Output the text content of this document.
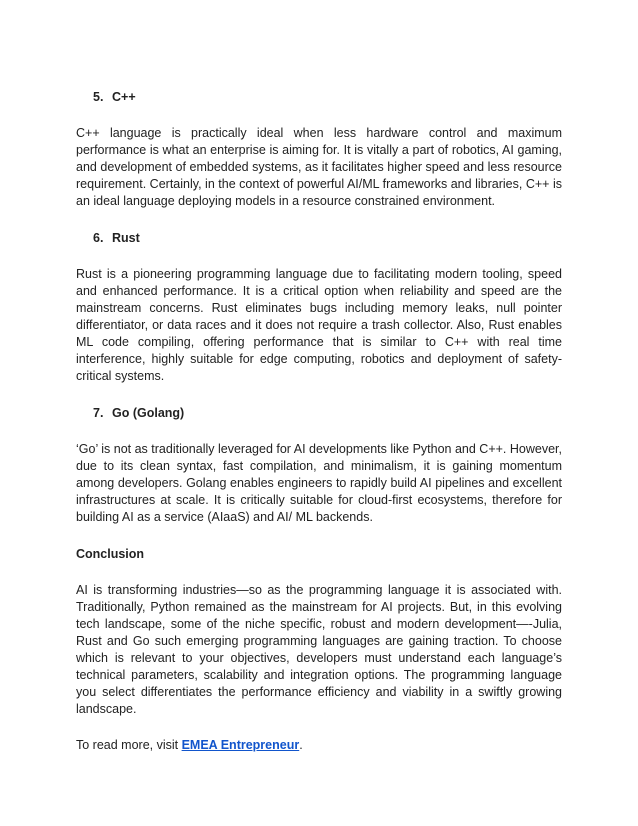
5. C++

C++ language is practically ideal when less hardware control and maximum performance is what an enterprise is aiming for. It is vitally a part of robotics, AI gaming, and development of embedded systems, as it facilitates higher speed and less resource requirement. Certainly, in the context of powerful AI/ML frameworks and libraries, C++ is an ideal language deploying models in a resource constrained environment.

6. Rust

Rust is a pioneering programming language due to facilitating modern tooling, speed and enhanced performance. It is a critical option when reliability and speed are the mainstream concerns. Rust eliminates bugs including memory leaks, null pointer differentiator, or data races and it does not require a trash collector. Also, Rust enables ML code compiling, offering performance that is similar to C++ with real time interference, highly suitable for edge computing, robotics and deployment of safety-critical systems.

7. Go (Golang)

‘Go’ is not as traditionally leveraged for AI developments like Python and C++. However, due to its clean syntax, fast compilation, and minimalism, it is gaining momentum among developers. Golang enables engineers to rapidly build AI pipelines and excellent infrastructures at scale. It is critically suitable for cloud-first ecosystems, therefore for building AI as a service (AIaaS) and AI/ ML backends.

Conclusion

AI is transforming industries—so as the programming language it is associated with. Traditionally, Python remained as the mainstream for AI projects. But, in this evolving tech landscape, some of the niche specific, robust and modern development—-Julia, Rust and Go such emerging programming languages are gaining traction. To choose which is relevant to your objectives, developers must understand each language’s technical parameters, scalability and integration options. The programming language you select differentiates the performance efficiency and viability in a swiftly growing landscape.

To read more, visit EMEA Entrepreneur.
